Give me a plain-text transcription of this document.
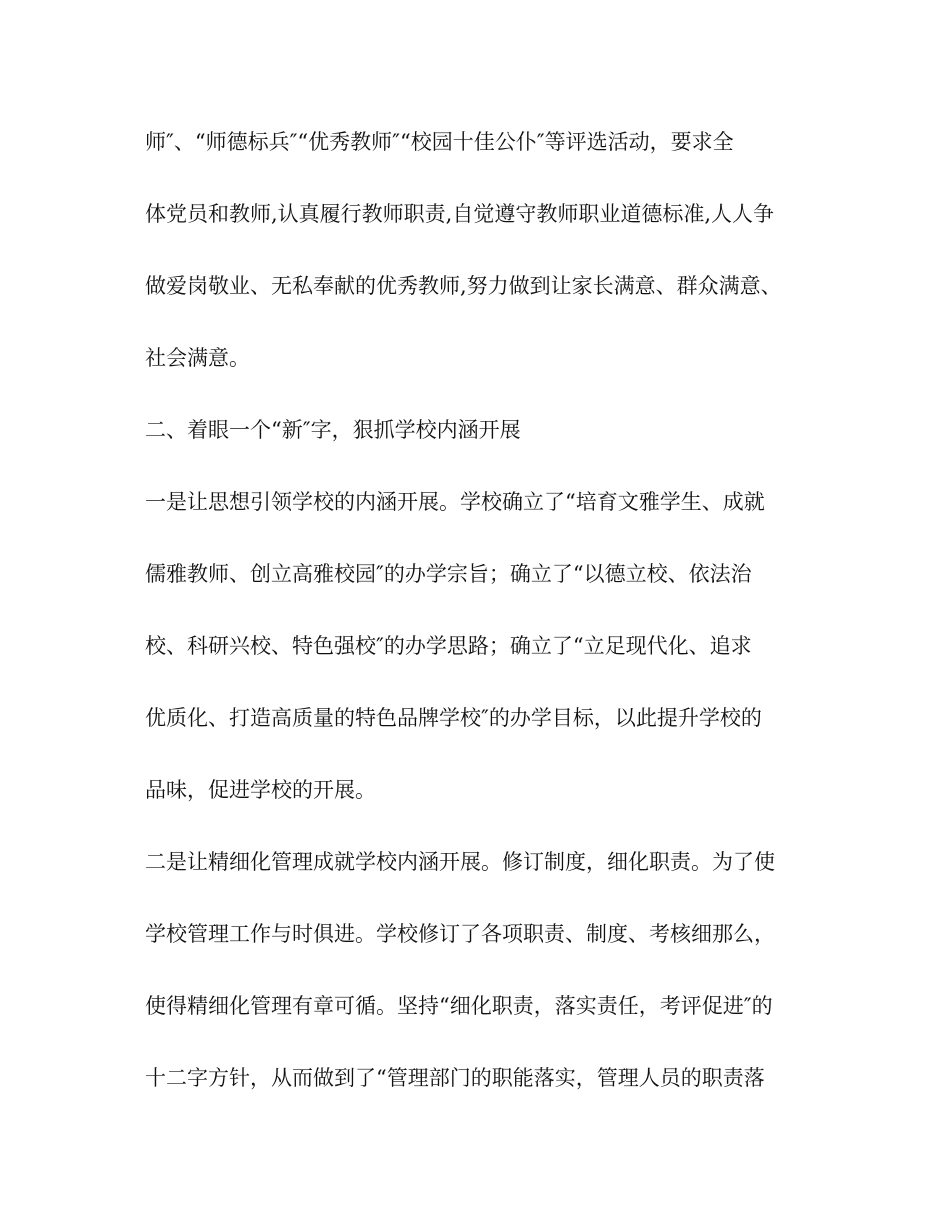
师″、“师德标兵″“优秀教师″“校园十佳公仆″等评选活动，要求全
体党员和教师,认真履行教师职责,自觉遵守教师职业道德标准,人人争
做爱岗敬业、无私奉献的优秀教师,努力做到让家长满意、群众满意、
社会满意。
二、着眼一个“新″字，狠抓学校内涵开展
一是让思想引领学校的内涵开展。学校确立了“培育文雅学生、成就
儒雅教师、创立高雅校园″的办学宗旨；确立了“以德立校、依法治
校、科研兴校、特色强校″的办学思路；确立了“立足现代化、追求
优质化、打造高质量的特色品牌学校″的办学目标，以此提升学校的
品味，促进学校的开展。
二是让精细化管理成就学校内涵开展。修订制度，细化职责。为了使
学校管理工作与时俱进。学校修订了各项职责、制度、考核细那么，
使得精细化管理有章可循。坚持“细化职责，落实责任，考评促进″的
十二字方针，从而做到了“管理部门的职能落实，管理人员的职责落
